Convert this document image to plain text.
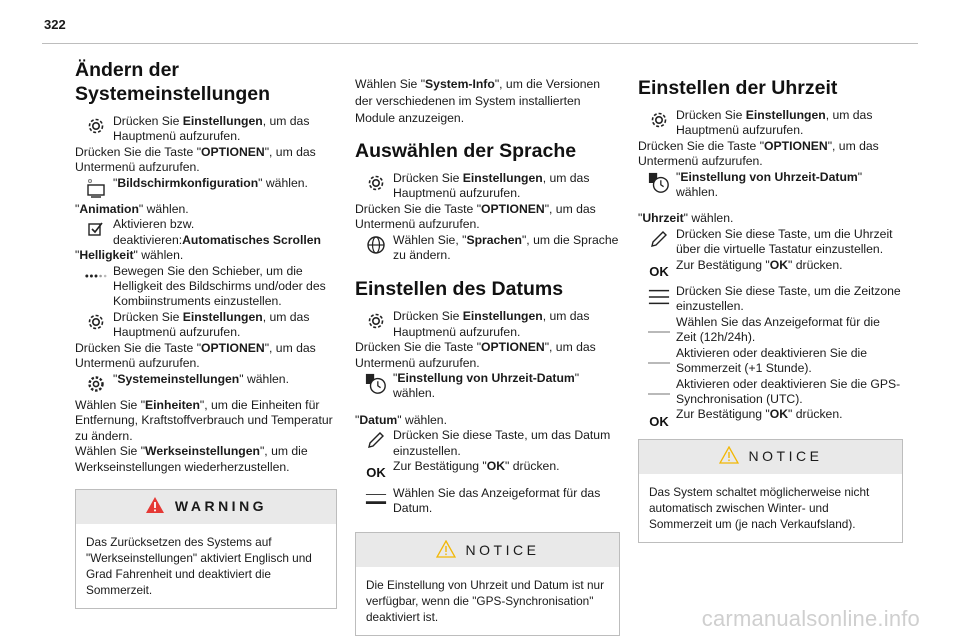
322
Ändern der
Systemeinstellungen
Drücken Sie Einstellungen, um das Hauptmenü aufzurufen.

Drücken Sie die Taste "OPTIONEN", um das Untermenü aufzurufen.

"Bildschirmkonfiguration" wählen.

"Animation" wählen.

Aktivieren bzw. deaktivieren:Automatisches Scrollen

"Helligkeit" wählen.

Bewegen Sie den Schieber, um die Helligkeit des Bildschirms und/oder des Kombiinstruments einzustellen.
Drücken Sie Einstellungen, um das Hauptmenü aufzurufen.

Drücken Sie die Taste "OPTIONEN", um das Untermenü aufzurufen.

"Systemeinstellungen" wählen.

Wählen Sie "Einheiten", um die Einheiten für Entfernung, Kraftstoffverbrauch und Temperatur zu ändern.

Wählen Sie "Werkseinstellungen", um die Werkseinstellungen wiederherzustellen.

WARNING
Das Zurücksetzen des Systems auf "Werkseinstellungen" aktiviert Englisch und Grad Fahrenheit und deaktiviert die Sommerzeit.

Wählen Sie "System-Info", um die Versionen der verschiedenen im System installierten Module anzuzeigen.

Auswählen der Sprache
Drücken Sie Einstellungen, um das Hauptmenü aufzurufen.

Drücken Sie die Taste "OPTIONEN", um das Untermenü aufzurufen.

Wählen Sie, "Sprachen", um die Sprache zu ändern.
Einstellen des Datums
Drücken Sie Einstellungen, um das Hauptmenü aufzurufen.

Drücken Sie die Taste "OPTIONEN", um das Untermenü aufzurufen.

"Einstellung von Uhrzeit-Datum" wählen.

"Datum" wählen.

Drücken Sie diese Taste, um das Datum einzustellen.
OK Zur Bestätigung "OK" drücken.
Wählen Sie das Anzeigeformat für das Datum.
NOTICE
Die Einstellung von Uhrzeit und Datum ist nur verfügbar, wenn die "GPS-Synchronisation" deaktiviert ist.
Einstellen der Uhrzeit
Drücken Sie Einstellungen, um das Hauptmenü aufzurufen.

Drücken Sie die Taste "OPTIONEN", um das Untermenü aufzurufen.

"Einstellung von Uhrzeit-Datum" wählen.

"Uhrzeit" wählen.

Drücken Sie diese Taste, um die Uhrzeit über die virtuelle Tastatur einzustellen.
OK Zur Bestätigung "OK" drücken.
Drücken Sie diese Taste, um die Zeitzone einzustellen.
Wählen Sie das Anzeigeformat für die Zeit (12h/24h).
Aktivieren oder deaktivieren Sie die Sommerzeit (+1 Stunde).
Aktivieren oder deaktivieren Sie die GPS-Synchronisation (UTC).
OK Zur Bestätigung "OK" drücken.
NOTICE
Das System schaltet möglicherweise nicht automatisch zwischen Winter- und Sommerzeit um (je nach Verkaufsland).
carmanualsonline.info
